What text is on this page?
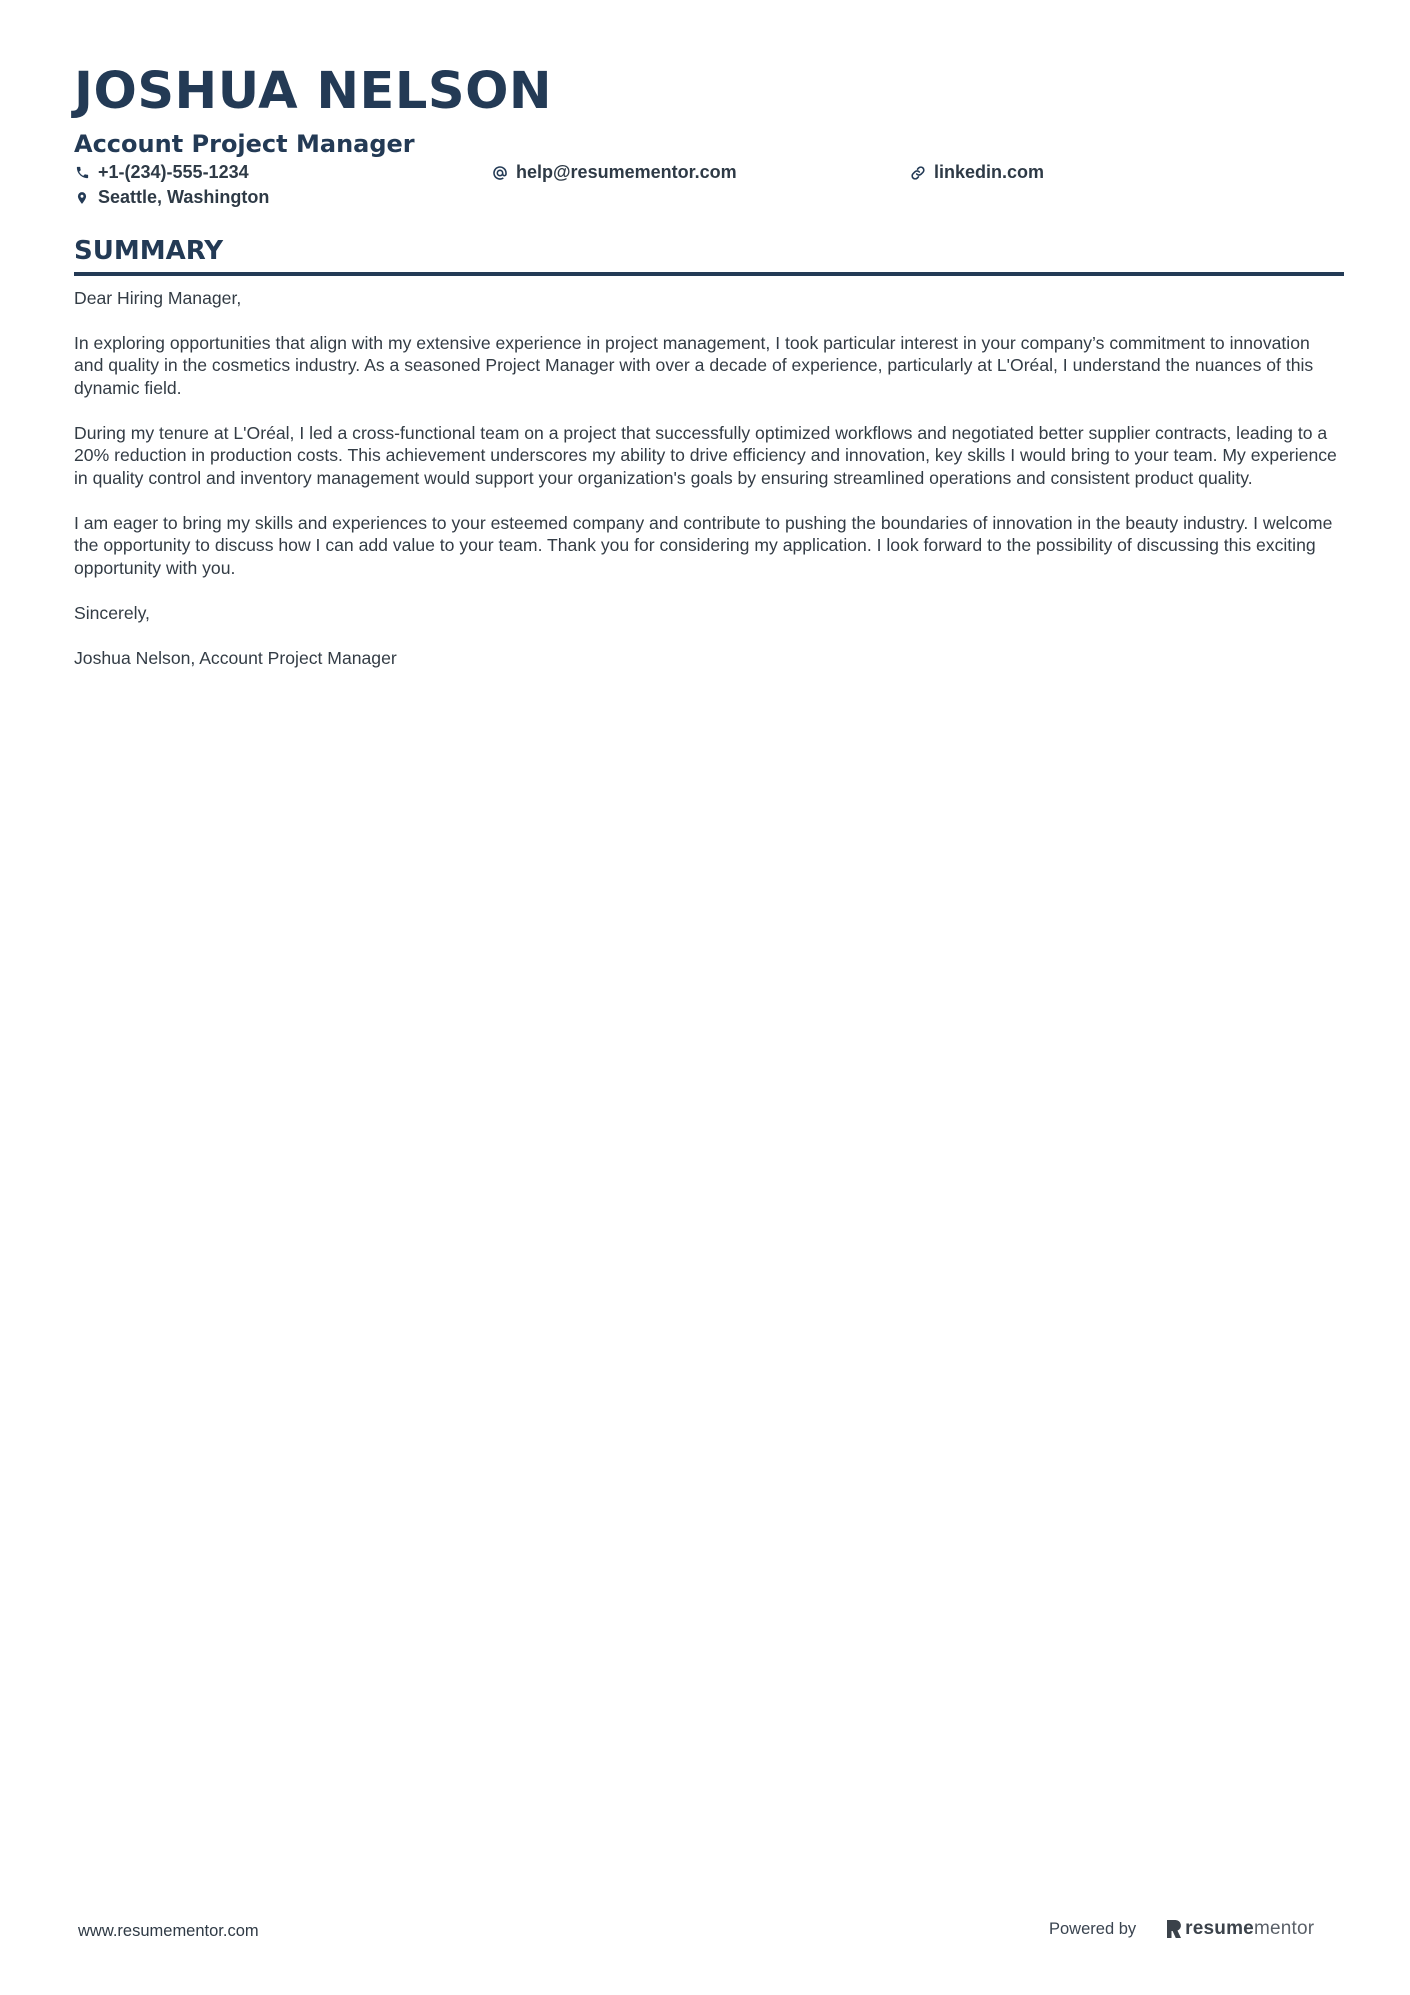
JOSHUA NELSON
Account Project Manager
+1-(234)-555-1234	help@resumementor.com	linkedin.com
Seattle, Washington
SUMMARY

Dear Hiring Manager,

In exploring opportunities that align with my extensive experience in project management, I took particular interest in your company’s commitment to innovation and quality in the cosmetics industry. As a seasoned Project Manager with over a decade of experience, particularly at L'Oréal, I understand the nuances of this dynamic field.

During my tenure at L'Oréal, I led a cross-functional team on a project that successfully optimized workflows and negotiated better supplier contracts, leading to a 20% reduction in production costs. This achievement underscores my ability to drive efficiency and innovation, key skills I would bring to your team. My experience in quality control and inventory management would support your organization's goals by ensuring streamlined operations and consistent product quality.

I am eager to bring my skills and experiences to your esteemed company and contribute to pushing the boundaries of innovation in the beauty industry. I welcome the opportunity to discuss how I can add value to your team. Thank you for considering my application. I look forward to the possibility of discussing this exciting opportunity with you.

Sincerely,

Joshua Nelson, Account Project Manager

www.resumementor.com	Powered by	resume mentor
